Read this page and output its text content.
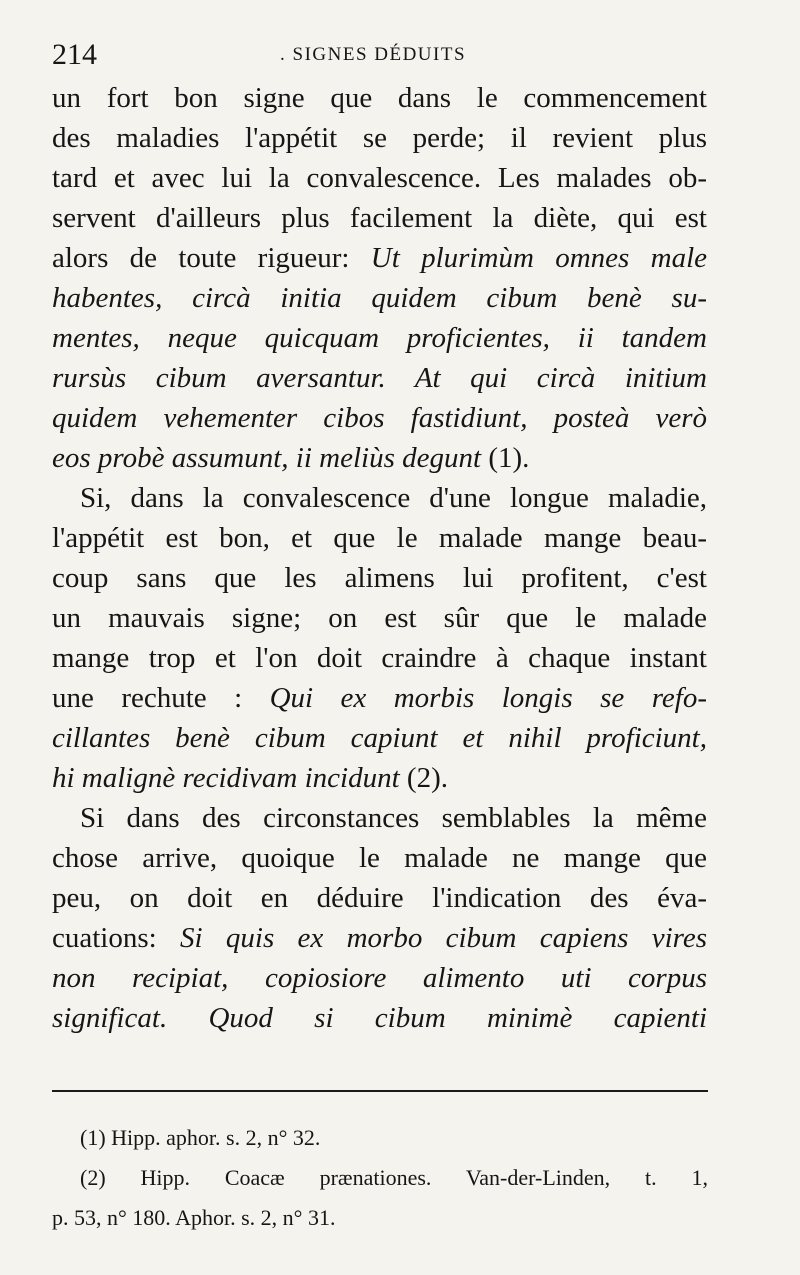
214	. SIGNES DÉDUITS
un fort bon signe que dans le commencement
des maladies l'appétit se perde; il revient plus
tard et avec lui la convalescence. Les malades ob-
servent d'ailleurs plus facilement la diète, qui est
alors de toute rigueur: Ut plurimùm omnes male
habentes, circà initia quidem cibum benè su-
mentes, neque quicquam proficientes, ii tandem
rursùs cibum aversantur. At qui circà initium
quidem vehementer cibos fastidiunt, posteà verò
eos probè assumunt, ii meliùs degunt (1).
Si, dans la convalescence d'une longue maladie,
l'appétit est bon, et que le malade mange beau-
coup sans que les alimens lui profitent, c'est
un mauvais signe; on est sûr que le malade
mange trop et l'on doit craindre à chaque instant
une rechute : Qui ex morbis longis se refo-
cillantes benè cibum capiunt et nihil proficiunt,
hi malignè recidivam incidunt (2).
Si dans des circonstances semblables la même
chose arrive, quoique le malade ne mange que
peu, on doit en déduire l'indication des éva-
cuations: Si quis ex morbo cibum capiens vires
non recipiat, copiosiore alimento uti corpus
significat. Quod si cibum minimè capienti
(1) Hipp. aphor. s. 2, n° 32.
(2) Hipp. Coacæ prænationes. Van-der-Linden, t. 1,
p. 53, n° 180. Aphor. s. 2, n° 31.
